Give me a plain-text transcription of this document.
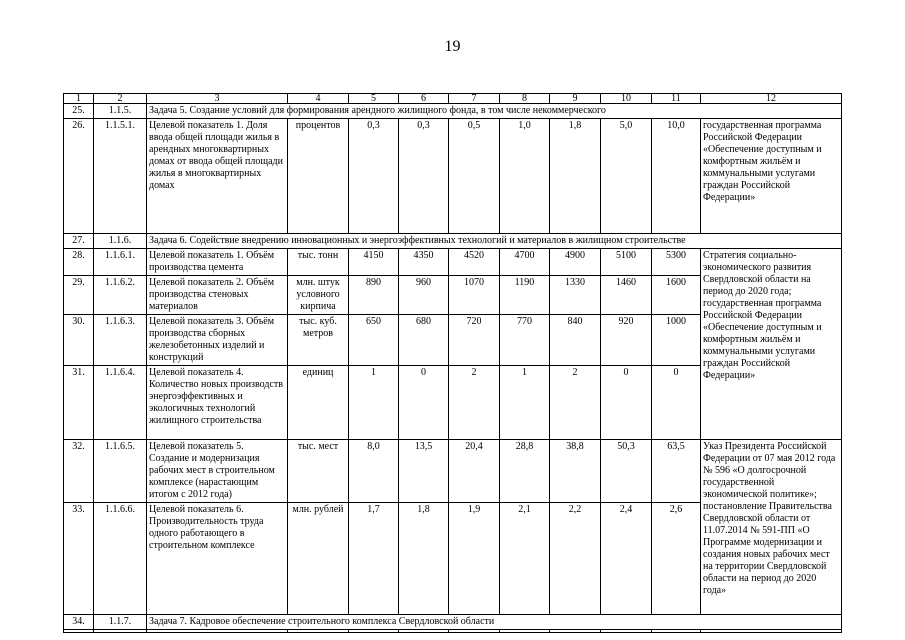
19
1	2	3	4	5	6	7	8	9	10	11	12
25.	1.1.5.	Задача 5. Создание условий для формирования арендного жилищного фонда, в том числе некоммерческого									
26.	1.1.5.1.	Целевой показатель 1. Доля ввода общей площади жилья в арендных многоквартирных домах от ввода общей площади жилья в многоквартирных домах	процентов	0,3	0,3	0,5	1,0	1,8	5,0	10,0	государственная программа Российской Федерации «Обеспечение доступным и комфортным жильём и коммунальными услугами граждан Российской Федерации»
27.	1.1.6.	Задача 6. Содействие внедрению инновационных и энергоэффективных технологий и материалов в жилищном строительстве									
28.	1.1.6.1.	Целевой показатель 1. Объём производства цемента	тыс. тонн	4150	4350	4520	4700	4900	5100	5300	Стратегия социально-экономического развития Свердловской области на период до 2020 года; государственная программа Российской Федерации «Обеспечение доступным и комфортным жильём и коммунальными услугами граждан Российской Федерации»
29.	1.1.6.2.	Целевой показатель 2. Объём производства стеновых материалов	млн. штук условного кирпича	890	960	1070	1190	1330	1460	1600	
30.	1.1.6.3.	Целевой показатель 3. Объём производства сборных железобетонных изделий и конструкций	тыс. куб. метров	650	680	720	770	840	920	1000	
31.	1.1.6.4.	Целевой показатель 4. Количество новых производств энергоэффективных и экологичных технологий жилищного строительства	единиц	1	0	2	1	2	0	0	
32.	1.1.6.5.	Целевой показатель 5. Создание и модернизация рабочих мест в строительном комплексе (нарастающим итогом с 2012 года)	тыс. мест	8,0	13,5	20,4	28,8	38,8	50,3	63,5	Указ Президента Российской Федерации от 07 мая 2012 года № 596 «О долгосрочной государственной экономической политике»; постановление Правительства Свердловской области от 11.07.2014 № 591-ПП «О Программе модернизации и создания новых рабочих мест на территории Свердловской области на период до 2020 года»
33.	1.1.6.6.	Целевой показатель 6. Производительность труда одного работающего в строительном комплексе	млн. рублей	1,7	1,8	1,9	2,1	2,2	2,4	2,6	
34.	1.1.7.	Задача 7. Кадровое обеспечение строительного комплекса Свердловской области									
